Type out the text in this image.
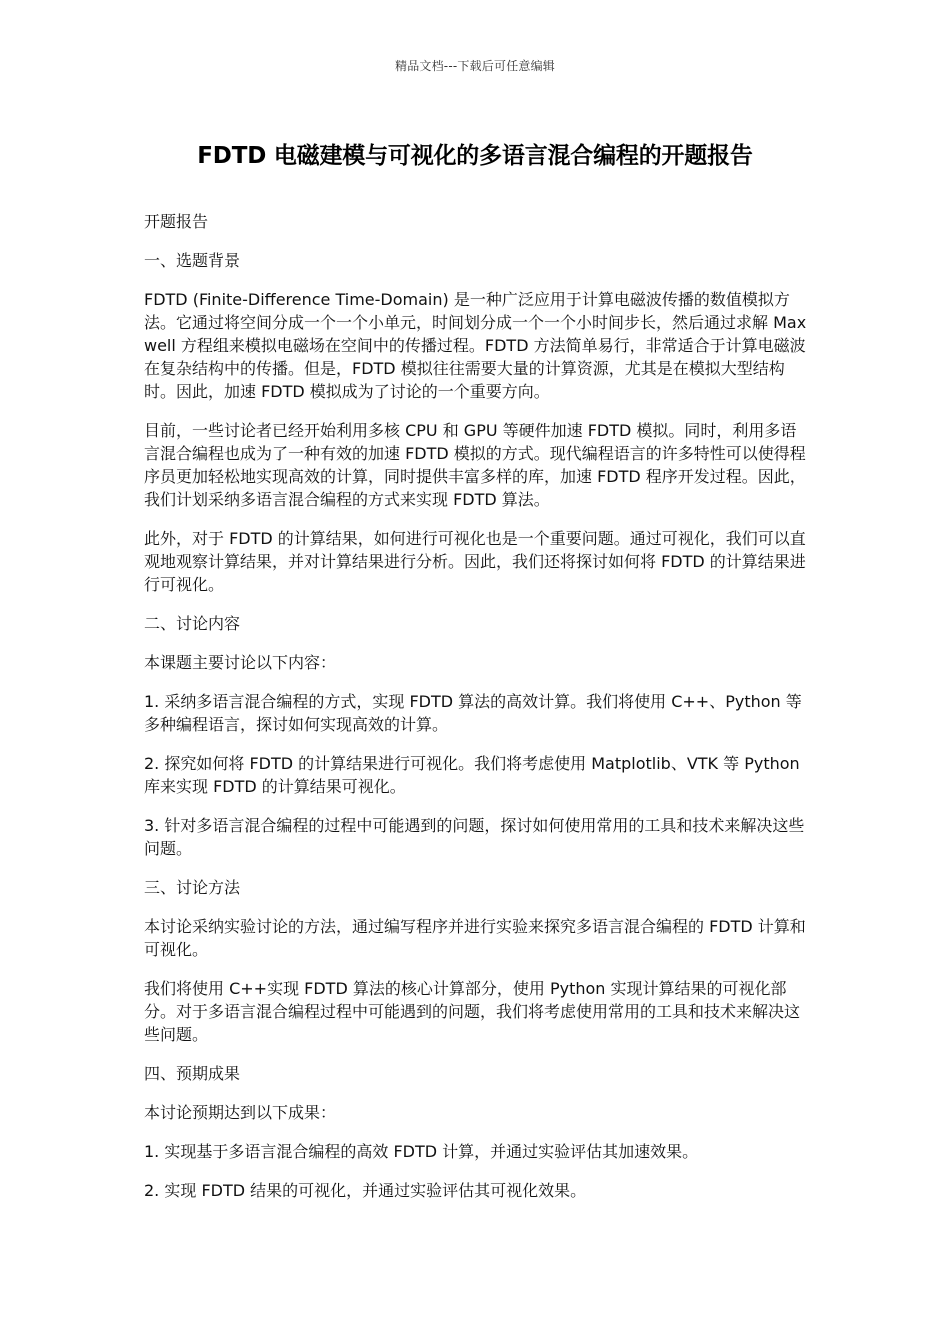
精品文档---下载后可任意编辑
FDTD 电磁建模与可视化的多语言混合编程的开题报告

开题报告

一、选题背景

FDTD (Finite-Difference Time-Domain) 是一种广泛应用于计算电磁波传播的数值模拟方法。它通过将空间分成一个一个小单元，时间划分成一个一个小时间步长，然后通过求解 Maxwell 方程组来模拟电磁场在空间中的传播过程。FDTD 方法简单易行，非常适合于计算电磁波在复杂结构中的传播。但是，FDTD 模拟往往需要大量的计算资源，尤其是在模拟大型结构时。因此，加速 FDTD 模拟成为了讨论的一个重要方向。

目前，一些讨论者已经开始利用多核 CPU 和 GPU 等硬件加速 FDTD 模拟。同时，利用多语言混合编程也成为了一种有效的加速 FDTD 模拟的方式。现代编程语言的许多特性可以使得程序员更加轻松地实现高效的计算，同时提供丰富多样的库，加速 FDTD 程序开发过程。因此，我们计划采纳多语言混合编程的方式来实现 FDTD 算法。

此外，对于 FDTD 的计算结果，如何进行可视化也是一个重要问题。通过可视化，我们可以直观地观察计算结果，并对计算结果进行分析。因此，我们还将探讨如何将 FDTD 的计算结果进行可视化。

二、讨论内容

本课题主要讨论以下内容：

1. 采纳多语言混合编程的方式，实现 FDTD 算法的高效计算。我们将使用 C++、Python 等多种编程语言，探讨如何实现高效的计算。

2. 探究如何将 FDTD 的计算结果进行可视化。我们将考虑使用 Matplotlib、VTK 等 Python 库来实现 FDTD 的计算结果可视化。

3. 针对多语言混合编程的过程中可能遇到的问题，探讨如何使用常用的工具和技术来解决这些问题。

三、讨论方法

本讨论采纳实验讨论的方法，通过编写程序并进行实验来探究多语言混合编程的 FDTD 计算和可视化。

我们将使用 C++实现 FDTD 算法的核心计算部分，使用 Python 实现计算结果的可视化部分。对于多语言混合编程过程中可能遇到的问题，我们将考虑使用常用的工具和技术来解决这些问题。

四、预期成果

本讨论预期达到以下成果：

1. 实现基于多语言混合编程的高效 FDTD 计算，并通过实验评估其加速效果。

2. 实现 FDTD 结果的可视化，并通过实验评估其可视化效果。
